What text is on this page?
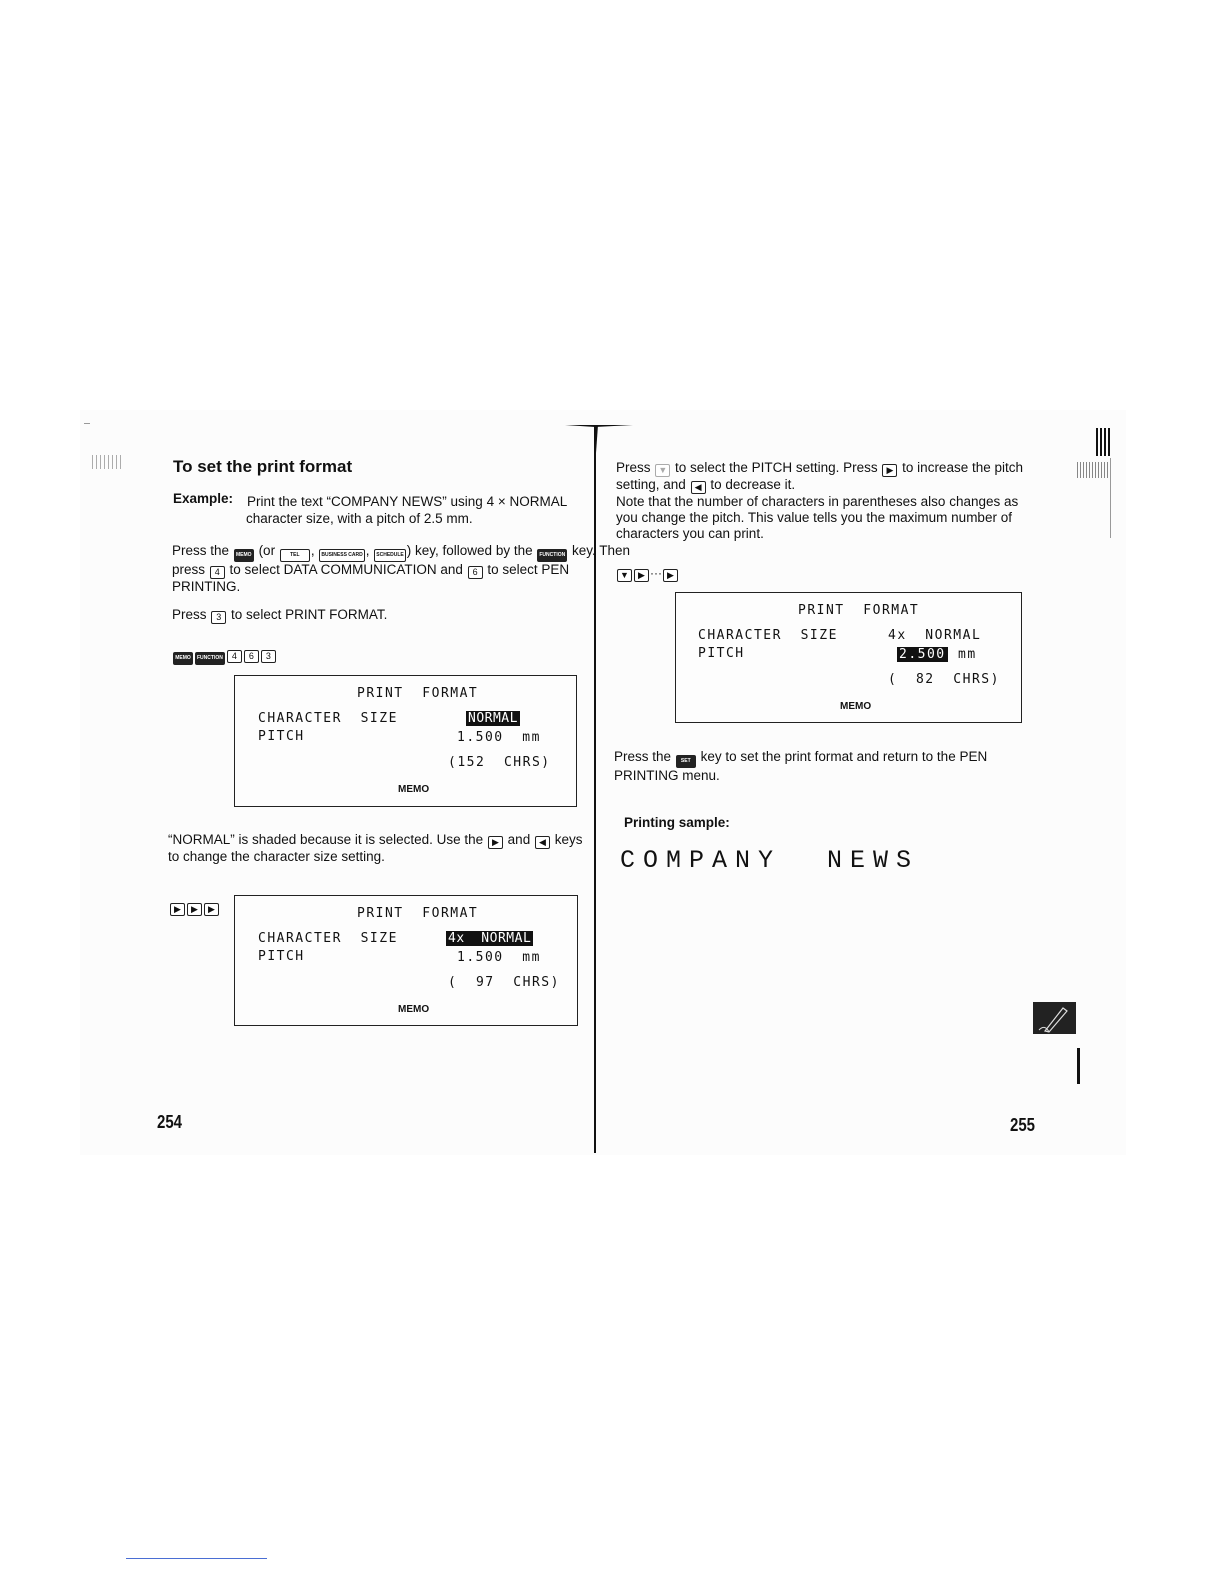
To set the print format
Example: Print the text “COMPANY NEWS” using 4 × NORMAL
character size, with a pitch of 2.5 mm.
Press the MEMO (or	TEL , BUSINESS CARD , SCHEDULE ) key, followed by the FUNCTION key. Then
press 4 to select DATA COMMUNICATION and 6 to select PEN
PRINTING.
Press 3 to select PRINT FORMAT.
MEMO FUNCTION 4 6 3
PRINT  FORMAT
CHARACTER  SIZE	NORMAL
PITCH	1.500  mm
(152  CHRS)
MEMO
“NORMAL” is shaded because it is selected. Use the ▶ and ◀ keys
to change the character size setting.
▶ ▶ ▶	PRINT  FORMAT
CHARACTER  SIZE	4x  NORMAL
PITCH	1.500  mm
(  97  CHRS)
MEMO
254
Press ▼ to select the PITCH setting. Press ▶ to increase the pitch
setting, and ◀ to decrease it.
Note that the number of characters in parentheses also changes as
you change the pitch. This value tells you the maximum number of
characters you can print.
▼ ▶ ··· ▶
PRINT  FORMAT
CHARACTER  SIZE	4x  NORMAL
PITCH	2.500 mm
(  82  CHRS)
MEMO
Press the SET key to set the print format and return to the PEN
PRINTING menu.
Printing sample:
COMPANY  NEWS
255
